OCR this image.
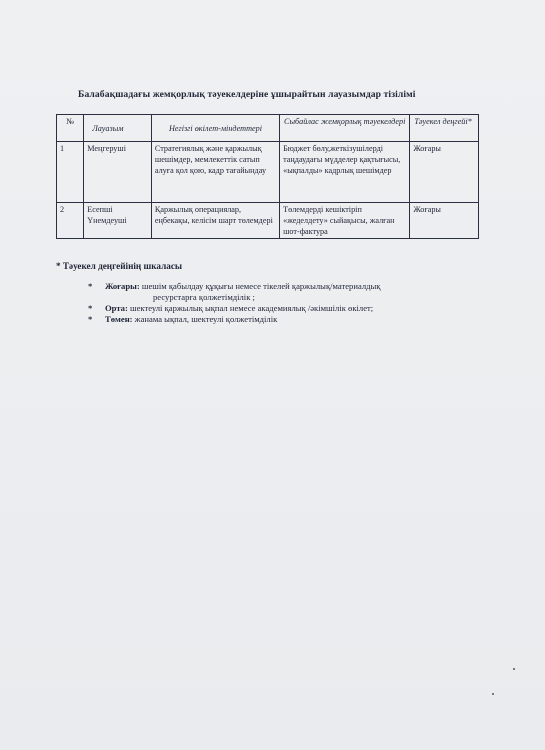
Балабақшадағы жемқорлық тәуекелдеріне ұшырайтын лауазымдар тізілімі
№	Лауазым	Негізгі өкілет-міндеттері	Сыбайлас жемқорлық тәуекелдері	Тәуекел деңгейі*
1	Меңгеруші	Стратегиялық және қаржылық шешімдер, мемлекеттік сатып алуға қол қою, кадр тағайындау	Бюджет бөлу,жеткізушілерді таңдаудағы мүдделер қақтығысы, «ықпалды» кадрлық шешімдер	Жоғары
2	Есепші Үнемдеуші	Қаржылық операциялар, еңбекақы, келісім шарт төлемдері	Төлемдерді кешіктіріп «жеделдету» сыйақысы, жалған шот-фактура	Жоғары
* Тәуекел деңгейінің шкаласы
* Жоғары: шешім қабылдау құқығы немесе тікелей қаржылық/материалдық
ресурстарға қолжетімділік ;
* Орта: шектеулі қаржылық ықпал немесе академиялық /әкімшілік өкілет;
* Төмен: жанама ықпал, шектеулі қолжетімділік
